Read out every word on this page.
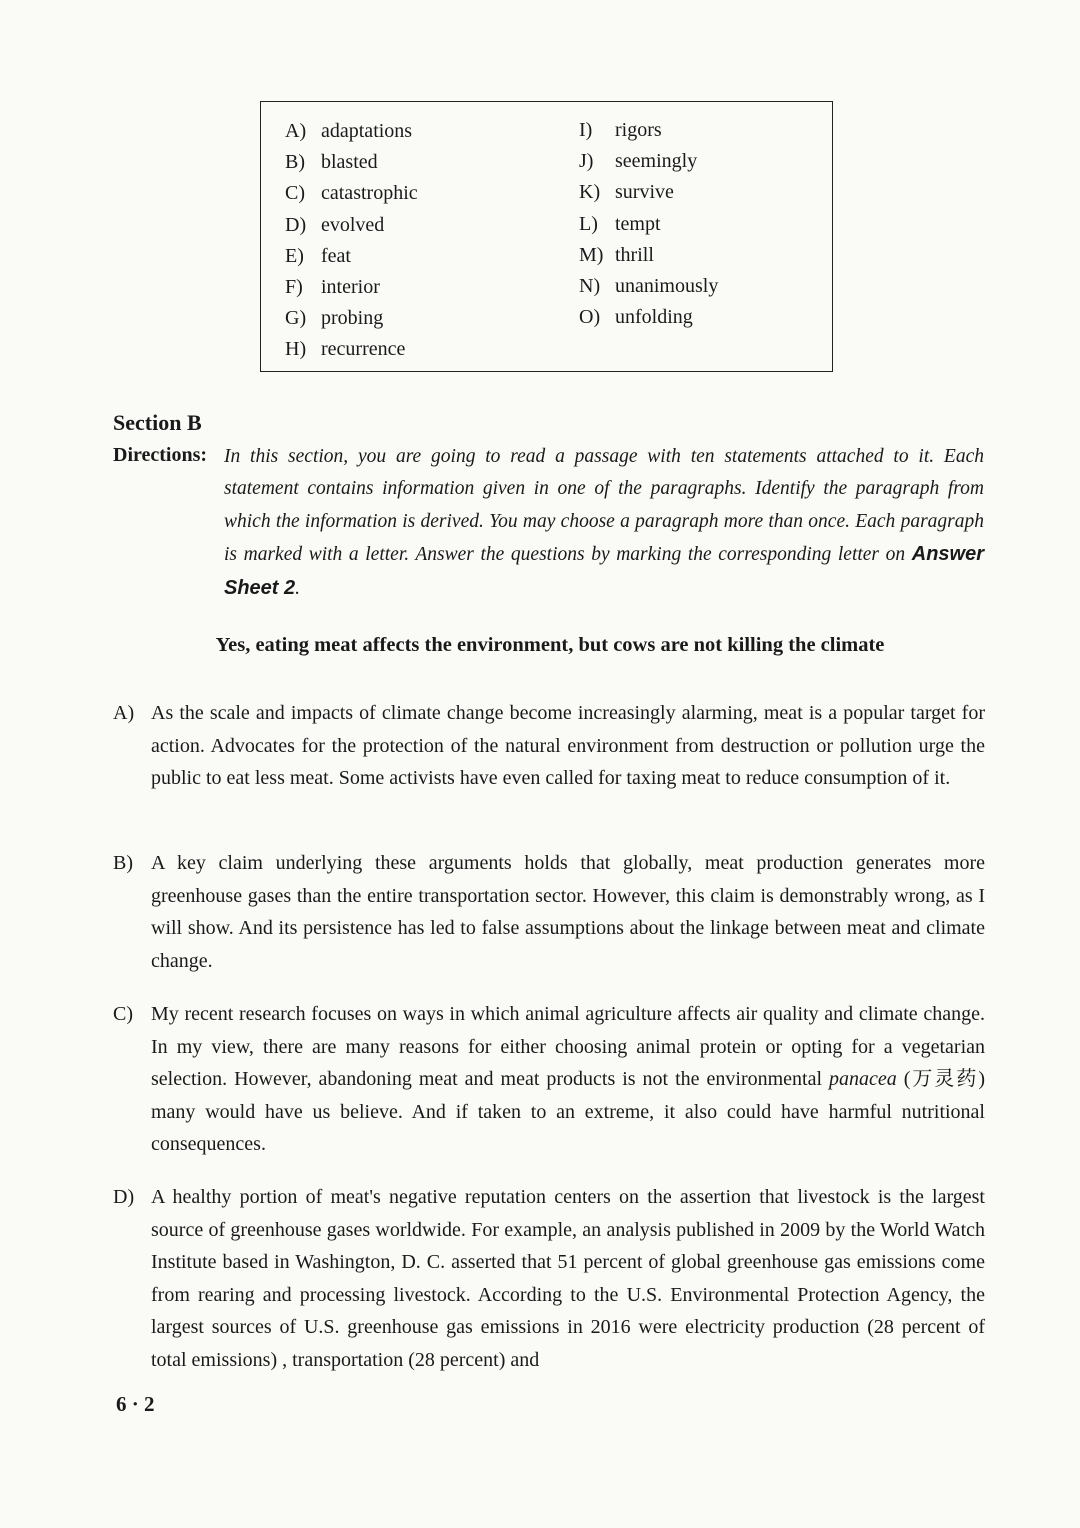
A) adaptations
B) blasted
C) catastrophic
D) evolved
E) feat
F) interior
G) probing
H) recurrence
I)	rigors
J)	seemingly
K) survive
L) tempt
M) thrill
N) unanimously
O) unfolding
Section B
Directions: In this section, you are going to read a passage with ten statements attached to it. Each statement contains information given in one of the paragraphs. Identify the paragraph from which the information is derived. You may choose a paragraph more than once. Each paragraph is marked with a letter. Answer the questions by marking the corresponding letter on Answer Sheet 2.

Yes, eating meat affects the environment, but cows are not killing the climate
A) As the scale and impacts of climate change become increasingly alarming, meat is a popular target for action. Advocates for the protection of the natural environment from destruction or pollution urge the public to eat less meat. Some activists have even called for taxing meat to reduce consumption of it.

B) A key claim underlying these arguments holds that globally, meat production generates more greenhouse gases than the entire transportation sector. However, this claim is demonstrably wrong, as I will show. And its persistence has led to false assumptions about the linkage between meat and climate change.

C) My recent research focuses on ways in which animal agriculture affects air quality and climate change. In my view, there are many reasons for either choosing animal protein or opting for a vegetarian selection. However, abandoning meat and meat products is not the environmental panacea (万灵药) many would have us believe. And if taken to an extreme, it also could have harmful nutritional consequences.

D) A healthy portion of meat's negative reputation centers on the assertion that livestock is the largest source of greenhouse gases worldwide. For example, an analysis published in 2009 by the World Watch Institute based in Washington, D. C. asserted that 51 percent of global greenhouse gas emissions come from rearing and processing livestock. According to the U.S. Environmental Protection Agency, the largest sources of U.S. greenhouse gas emissions in 2016 were electricity production (28 percent of total emissions) , transportation (28 percent) and

6 · 2
